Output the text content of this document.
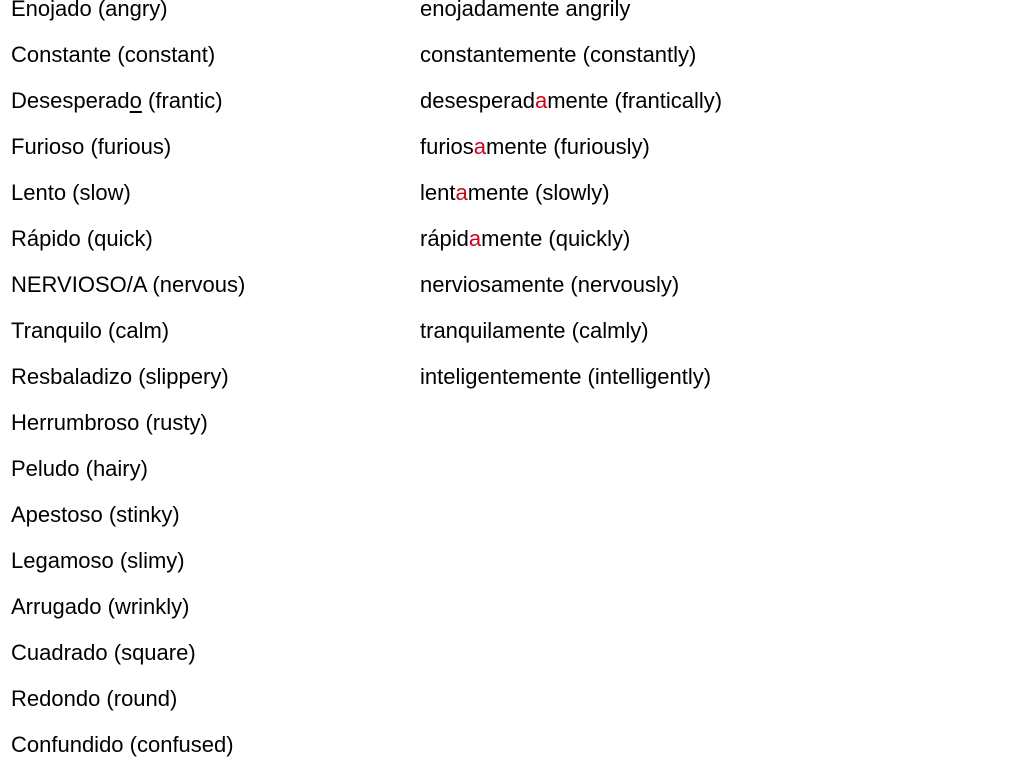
Enojado (angry)
Constante (constant)
Desesperado (frantic)
Furioso (furious)
Lento (slow)
Rápido (quick)
NERVIOSO/A (nervous)
Tranquilo (calm)
Resbaladizo (slippery)
Herrumbroso (rusty)
Peludo (hairy)
Apestoso (stinky)
Legamoso (slimy)
Arrugado (wrinkly)
Cuadrado (square)
Redondo (round)
Confundido (confused)
enojadamente angrily
constantemente (constantly)
desesperadamente (frantically)
furiosamente (furiously)
lentamente (slowly)
rápidamente (quickly)
nerviosamente (nervously)
tranquilamente (calmly)
inteligentemente (intelligently)
